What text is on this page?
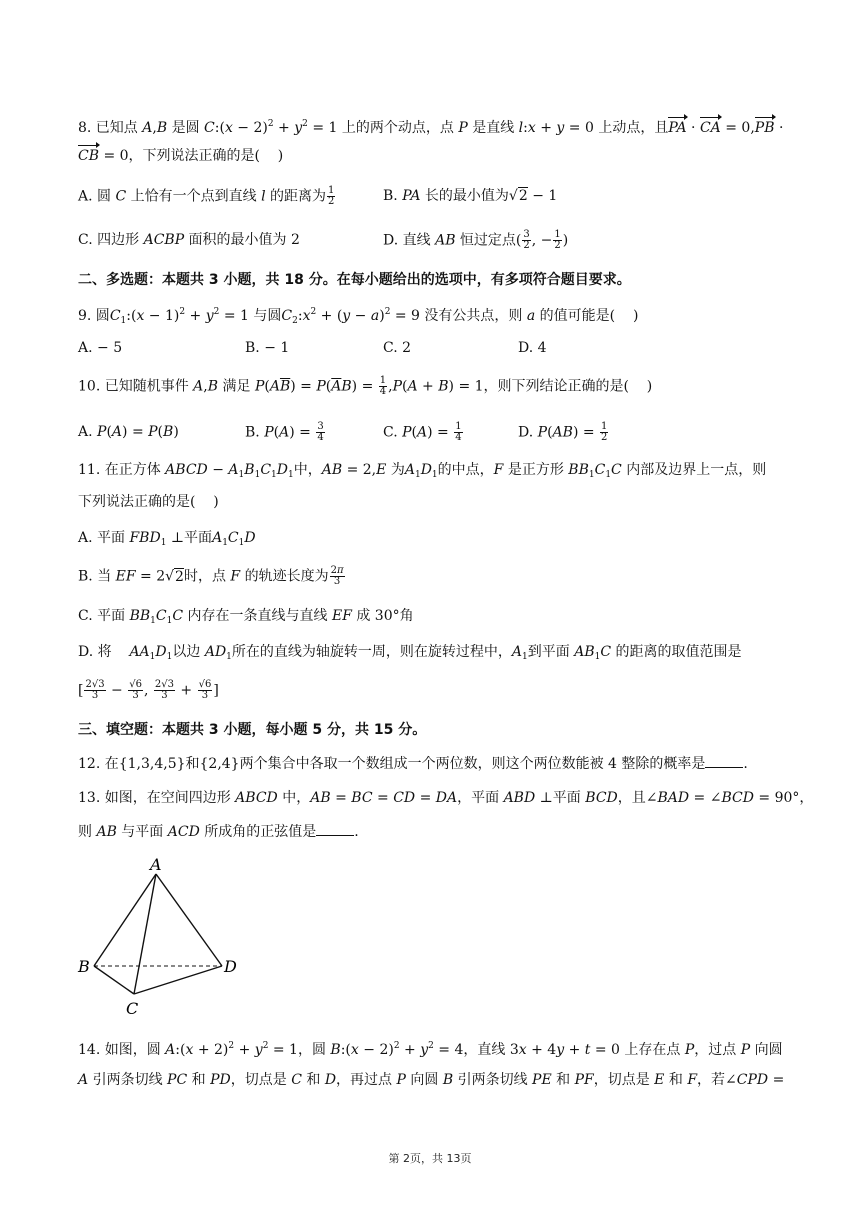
8. 已知点 A,B 是圆 C:(x − $2)^2 + y^2 = 1$ 上的两个动点，点 P 是直线 l:x + y = 0 上动点，且PA · CA = 0,PB ·
CB = 0，下列说法正确的是(    )
A. 圆 C 上恰有一个点到直线 l 的距离为 $\frac{1}{2}$	B. PA 长的最小值为√2 − 1
C. 四边形 ACBP 面积的最小值为 2	D. 直线 AB 恒过定点( $\frac{3}{2}$ , − $\frac{1}{2}$ )
二、多选题：本题共 3 小题，共 18 分。在每小题给出的选项中，有多项符合题目要求。
9. 圆$C_1:(x - 1)^2 + y^2 = 1$ 与圆$C_2:x^2 + (y - a)^2 = 9$ 没有公共点，则 a 的值可能是(    )
A. − 5	B. − 1	C. 2	D. 4
10. 已知随机事件 A,B 满足 $P(A\overline{B}) = P(\overline{A}B) = \frac{1}{4} ,P(A + B) = 1$，则下列结论正确的是(    )
A. P(A) = P(B)	B. $P(A) = \frac{3}{4}$	C. $P(A) = \frac{1}{4}$	D. $P(AB) = \frac{1}{2}$
11. 在正方体 ABCD − $A_1B_1C_1D_1$中，AB = 2,E 为$A_1D_1$的中点，F 是正方形 $BB_1C_1C$ 内部及边界上一点，则
下列说法正确的是(    )
A. 平面 $FBD_1$ ⊥平面$A_1C_1D$
B. 当 EF = 2√2时，点 F 的轨迹长度为 $\frac{2\pi}{3}$
C. 平面 $BB_1C_1C$ 内存在一条直线与直线 EF 成 30°角
D. 将    $AA_1D_1$以边 $AD_1$所在的直线为轴旋转一周，则在旋转过程中，$A_1$到平面 $AB_1C$ 的距离的取值范围是
[ $\frac{2√3}{3} - \frac{√6}{3}$ , $\frac{2√3}{3} + \frac{√6}{3}$ ]
三、填空题：本题共 3 小题，每小题 5 分，共 15 分。
12. 在{1,3,4,5}和{2,4}两个集合中各取一个数组成一个两位数，则这个两位数能被 4 整除的概率是	.
13. 如图，在空间四边形 ABCD 中，AB = BC = CD = DA，平面 ABD ⊥平面 BCD，且∠BAD = ∠BCD = 90°，
则 AB 与平面 ACD 所成角的正弦值是	.
A
B
C
D
14. 如图，圆 A:(x + $2)^2 + y^2 = 1$，圆 B:(x − $2)^2 + y^2 = 4$，直线 3x + 4y + t = 0 上存在点 P，过点 P 向圆
A 引两条切线 PC 和 PD，切点是 C 和 D，再过点 P 向圆 B 引两条切线 PE 和 PF，切点是 E 和 F，若∠CPD =
第 2页，共 13页
